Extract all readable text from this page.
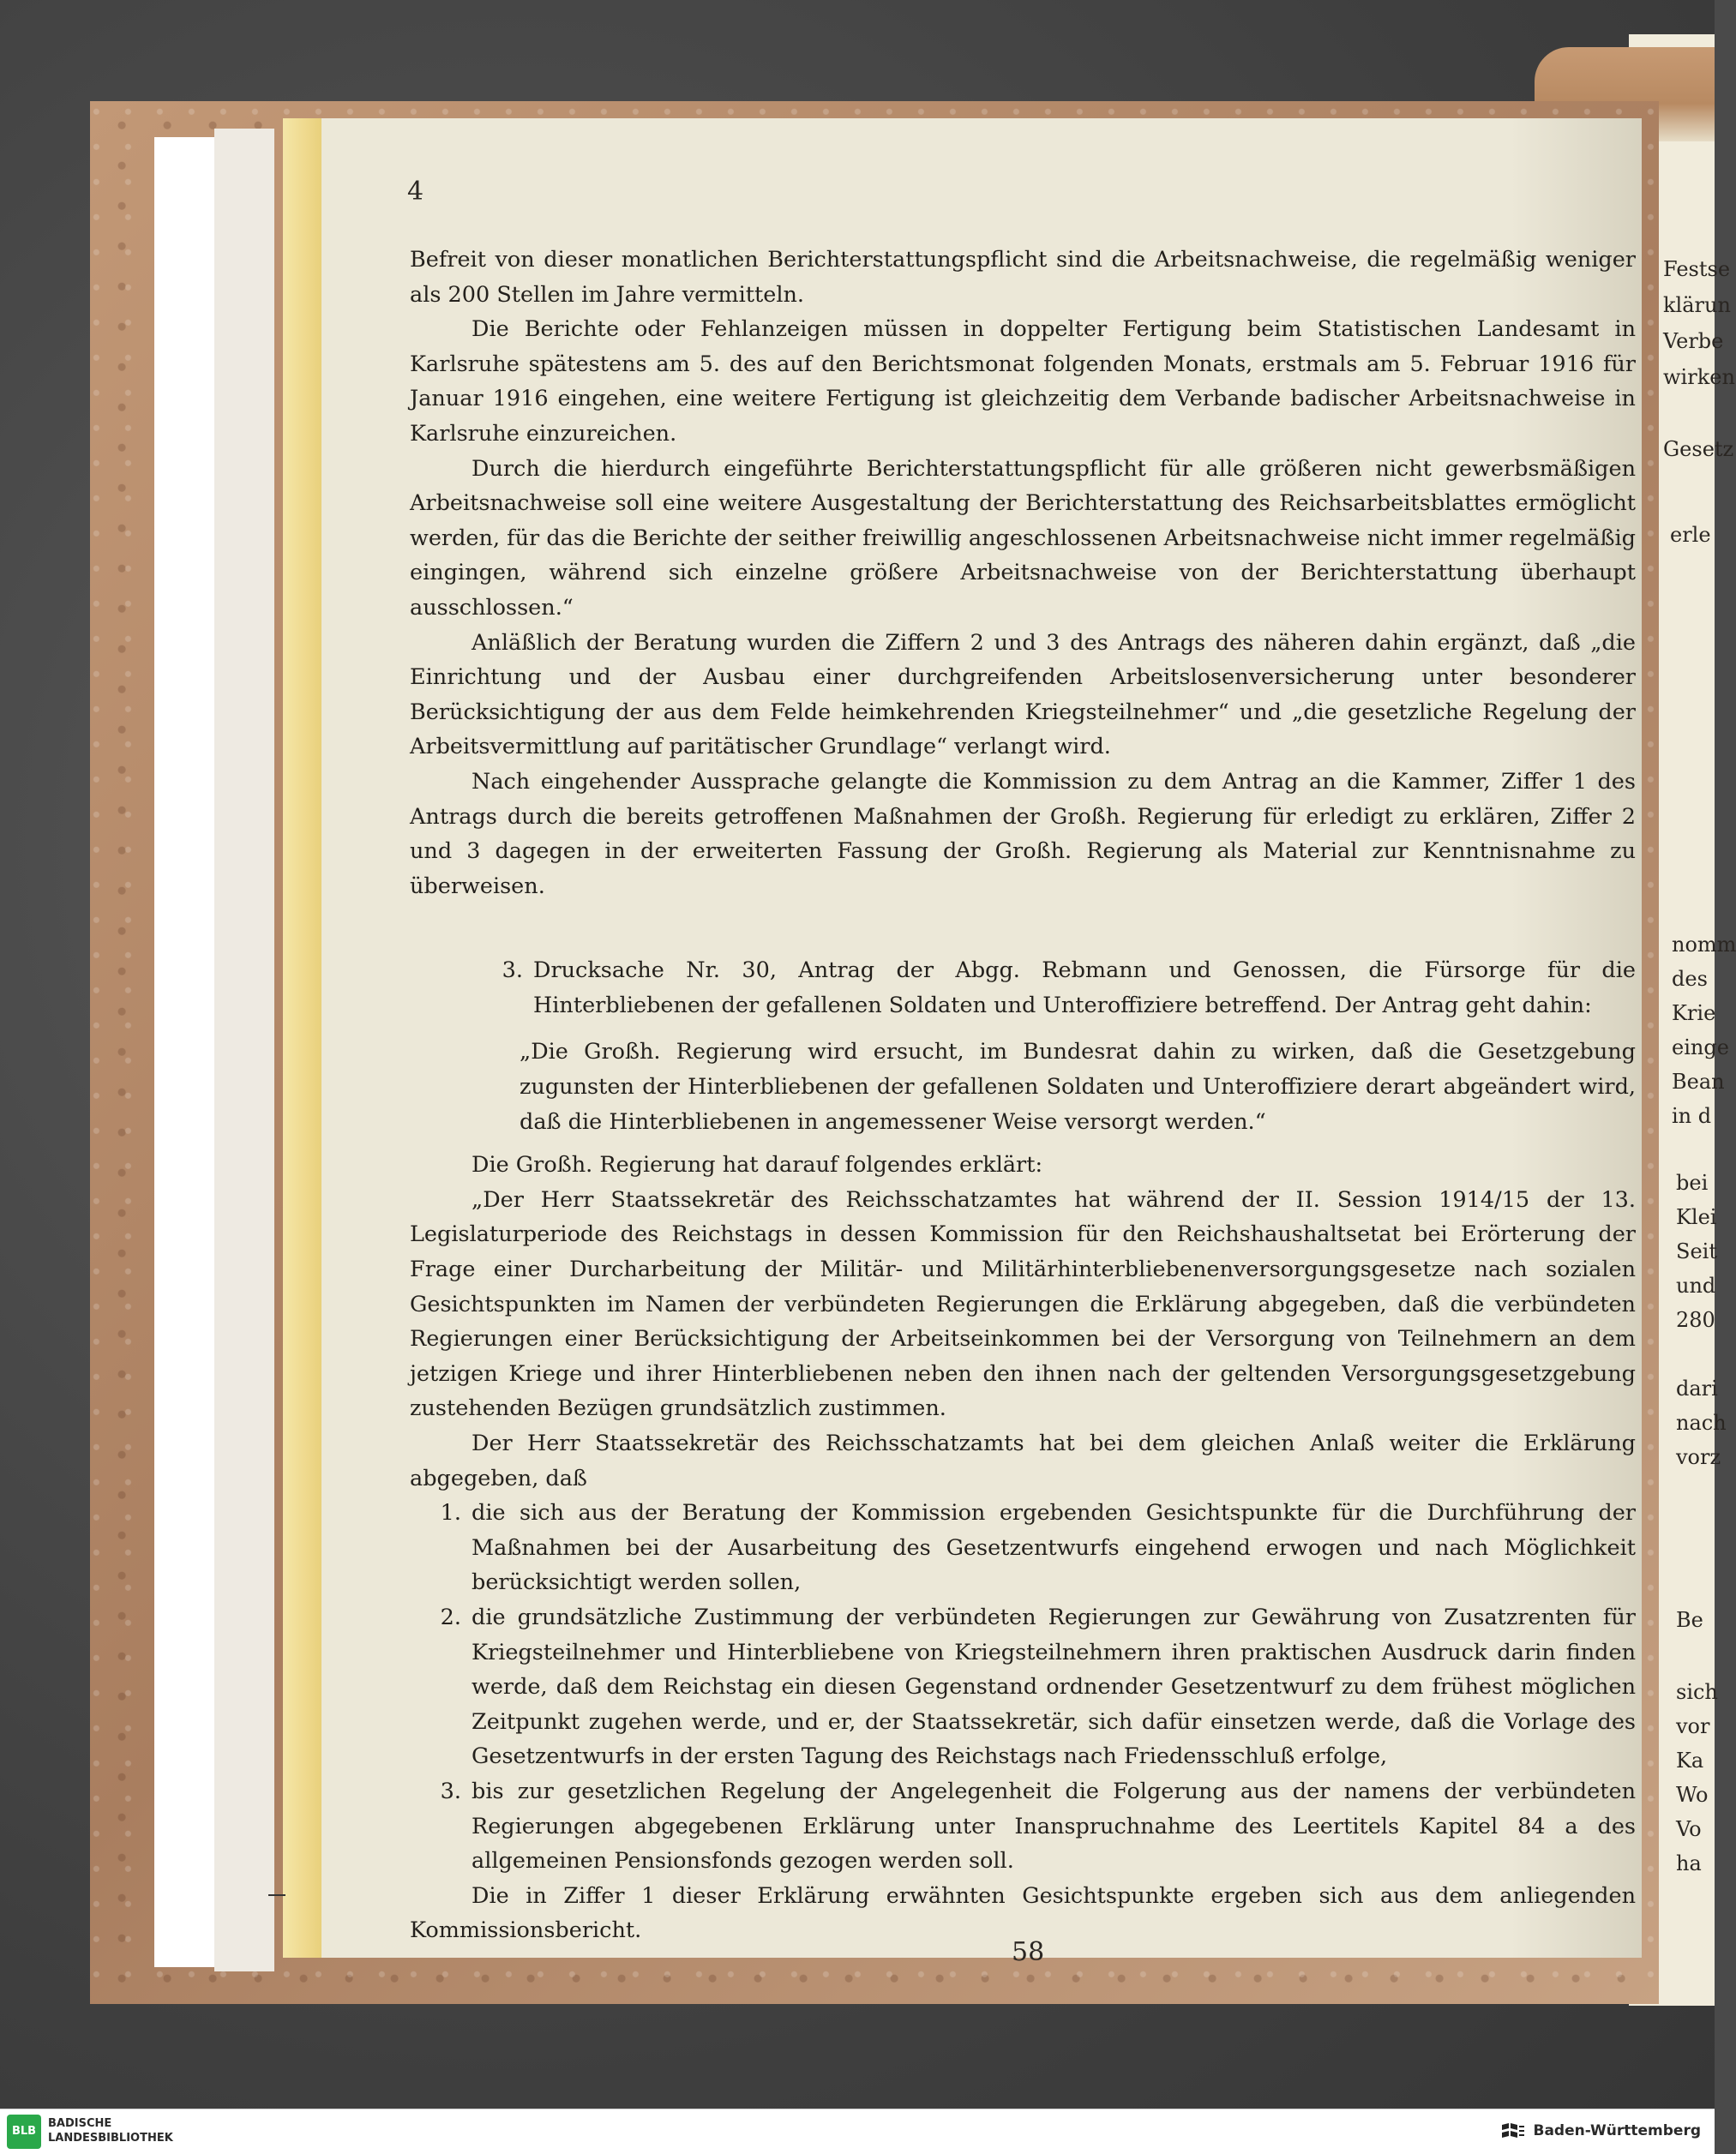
4

Befreit von dieser monatlichen Berichterstattungspflicht sind die Arbeitsnachweise, die regelmäßig weniger als 200 Stellen im Jahre vermitteln.

Die Berichte oder Fehlanzeigen müssen in doppelter Fertigung beim Statistischen Landesamt in Karlsruhe spätestens am 5. des auf den Berichtsmonat folgenden Monats, erstmals am 5. Februar 1916 für Januar 1916 eingehen, eine weitere Fertigung ist gleichzeitig dem Verbande badischer Arbeitsnachweise in Karlsruhe einzureichen.

Durch die hierdurch eingeführte Berichterstattungspflicht für alle größeren nicht gewerbsmäßigen Arbeitsnachweise soll eine weitere Ausgestaltung der Berichterstattung des Reichsarbeitsblattes ermöglicht werden, für das die Berichte der seither freiwillig angeschlossenen Arbeitsnachweise nicht immer regelmäßig eingingen, während sich einzelne größere Arbeitsnachweise von der Berichterstattung überhaupt ausschlossen.“

Anläßlich der Beratung wurden die Ziffern 2 und 3 des Antrags des näheren dahin ergänzt, daß „die Einrichtung und der Ausbau einer durchgreifenden Arbeitslosenversicherung unter besonderer Berücksichtigung der aus dem Felde heimkehrenden Kriegsteilnehmer“ und „die gesetzliche Regelung der Arbeitsvermittlung auf paritätischer Grundlage“ verlangt wird.

Nach eingehender Aussprache gelangte die Kommission zu dem Antrag an die Kammer, Ziffer 1 des Antrags durch die bereits getroffenen Maßnahmen der Großh. Regierung für erledigt zu erklären, Ziffer 2 und 3 dagegen in der erweiterten Fassung der Großh. Regierung als Material zur Kenntnisnahme zu überweisen.

3. Drucksache Nr. 30, Antrag der Abgg. Rebmann und Genossen, die Fürsorge für die Hinterbliebenen der gefallenen Soldaten und Unteroffiziere betreffend. Der Antrag geht dahin:

„Die Großh. Regierung wird ersucht, im Bundesrat dahin zu wirken, daß die Gesetzgebung zugunsten der Hinterbliebenen der gefallenen Soldaten und Unteroffiziere derart abgeändert wird, daß die Hinterbliebenen in angemessener Weise versorgt werden.“

Die Großh. Regierung hat darauf folgendes erklärt:

„Der Herr Staatssekretär des Reichsschatzamtes hat während der II. Session 1914/15 der 13. Legislaturperiode des Reichstags in dessen Kommission für den Reichshaushaltsetat bei Erörterung der Frage einer Durcharbeitung der Militär- und Militärhinterbliebenenversorgungsgesetze nach sozialen Gesichtspunkten im Namen der verbündeten Regierungen die Erklärung abgegeben, daß die verbündeten Regierungen einer Berücksichtigung der Arbeitseinkommen bei der Versorgung von Teilnehmern an dem jetzigen Kriege und ihrer Hinterbliebenen neben den ihnen nach der geltenden Versorgungsgesetzgebung zustehenden Bezügen grundsätzlich zustimmen.

Der Herr Staatssekretär des Reichsschatzamts hat bei dem gleichen Anlaß weiter die Erklärung abgegeben, daß

1. die sich aus der Beratung der Kommission ergebenden Gesichtspunkte für die Durchführung der Maßnahmen bei der Ausarbeitung des Gesetzentwurfs eingehend erwogen und nach Möglichkeit berücksichtigt werden sollen,
2. die grundsätzliche Zustimmung der verbündeten Regierungen zur Gewährung von Zusatzrenten für Kriegsteilnehmer und Hinterbliebene von Kriegsteilnehmern ihren praktischen Ausdruck darin finden werde, daß dem Reichstag ein diesen Gegenstand ordnender Gesetzentwurf zu dem frühest möglichen Zeitpunkt zugehen werde, und er, der Staatssekretär, sich dafür einsetzen werde, daß die Vorlage des Gesetzentwurfs in der ersten Tagung des Reichstags nach Friedensschluß erfolge,
3. bis zur gesetzlichen Regelung der Angelegenheit die Folgerung aus der namens der verbündeten Regierungen abgegebenen Erklärung unter Inanspruchnahme des Leertitels Kapitel 84 a des allgemeinen Pensionsfonds gezogen werden soll.

Die in Ziffer 1 dieser Erklärung erwähnten Gesichtspunkte ergeben sich aus dem anliegenden Kommissionsbericht.

58
Festse
klärun
Verbe
wirken
Gesetz
erle
nomm
des
Krie
einge
Bean
in d
bei
Klei
Seit
und
280
dari
nach
vorz
Be
sich
vor
Ka
Wo
Vo
ha
BLB
BADISCHE
LANDESBIBLIOTHEK	Baden-Württemberg
